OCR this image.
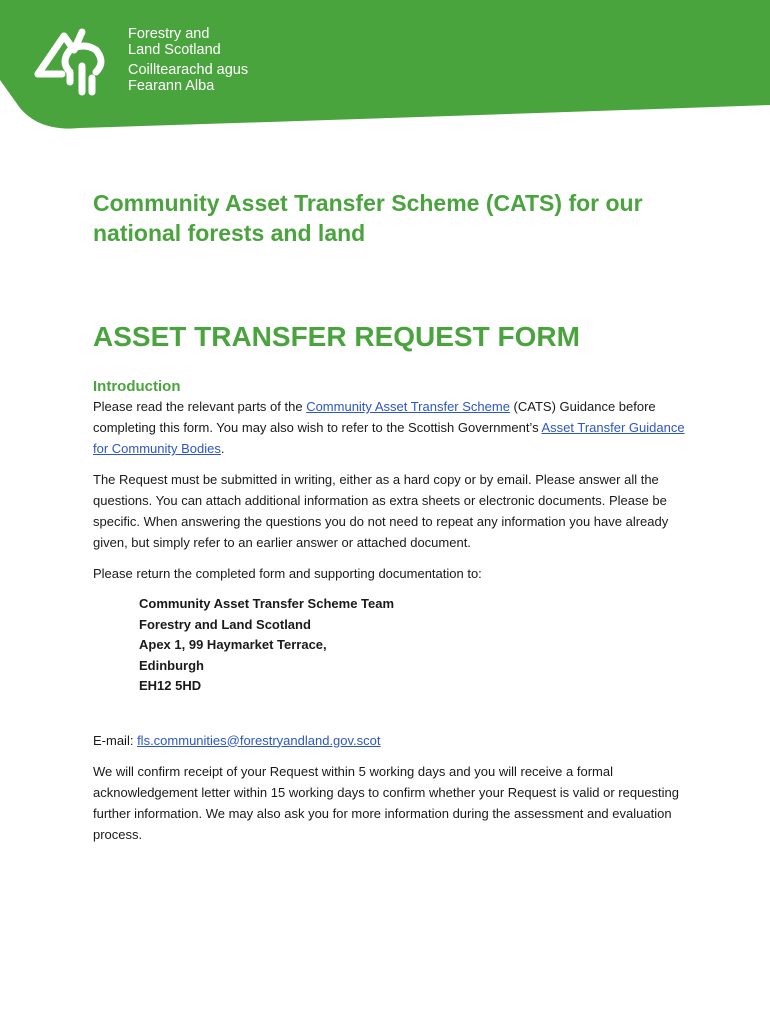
Forestry and
Land Scotland
Coilltearachd agus
Fearann Alba
Community Asset Transfer Scheme (CATS) for our national forests and land
ASSET TRANSFER REQUEST FORM
Introduction

Please read the relevant parts of the Community Asset Transfer Scheme (CATS) Guidance before completing this form. You may also wish to refer to the Scottish Government’s Asset Transfer Guidance for Community Bodies.

The Request must be submitted in writing, either as a hard copy or by email. Please answer all the questions. You can attach additional information as extra sheets or electronic documents. Please be specific. When answering the questions you do not need to repeat any information you have already given, but simply refer to an earlier answer or attached document.

Please return the completed form and supporting documentation to:

Community Asset Transfer Scheme Team
Forestry and Land Scotland
Apex 1, 99 Haymarket Terrace,
Edinburgh
EH12 5HD

E-mail: fls.communities@forestryandland.gov.scot

We will confirm receipt of your Request within 5 working days and you will receive a formal acknowledgement letter within 15 working days to confirm whether your Request is valid or requesting further information. We may also ask you for more information during the assessment and evaluation process.
